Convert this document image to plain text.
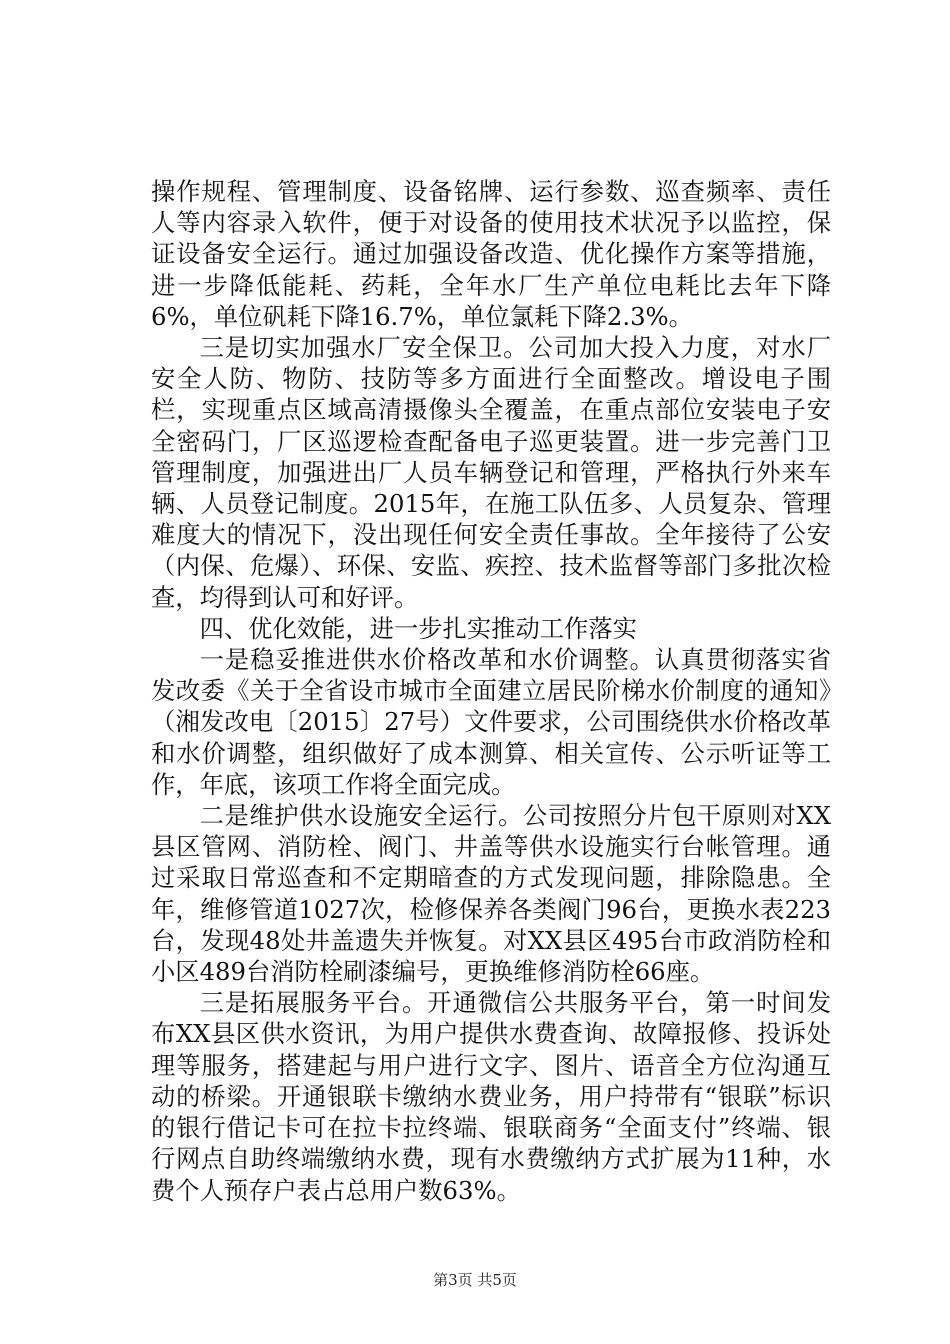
操作规程、管理制度、设备铭牌、运行参数、巡查频率、责任人等内容录入软件，便于对设备的使用技术状况予以监控，保证设备安全运行。通过加强设备改造、优化操作方案等措施，进一步降低能耗、药耗，全年水厂生产单位电耗比去年下降6%，单位矾耗下降16.7%，单位氯耗下降2.3%。

三是切实加强水厂安全保卫。公司加大投入力度，对水厂安全人防、物防、技防等多方面进行全面整改。增设电子围栏，实现重点区域高清摄像头全覆盖，在重点部位安装电子安全密码门，厂区巡逻检查配备电子巡更装置。进一步完善门卫管理制度，加强进出厂人员车辆登记和管理，严格执行外来车辆、人员登记制度。2015年，在施工队伍多、人员复杂、管理难度大的情况下，没出现任何安全责任事故。全年接待了公安（内保、危爆）、环保、安监、疾控、技术监督等部门多批次检查，均得到认可和好评。

四、优化效能，进一步扎实推动工作落实

一是稳妥推进供水价格改革和水价调整。认真贯彻落实省发改委《关于全省设市城市全面建立居民阶梯水价制度的通知》（湘发改电〔2015〕27号）文件要求，公司围绕供水价格改革和水价调整，组织做好了成本测算、相关宣传、公示听证等工作，年底，该项工作将全面完成。

二是维护供水设施安全运行。公司按照分片包干原则对XX县区管网、消防栓、阀门、井盖等供水设施实行台帐管理。通过采取日常巡查和不定期暗查的方式发现问题，排除隐患。全年，维修管道1027次，检修保养各类阀门96台，更换水表223台，发现48处井盖遗失并恢复。对XX县区495台市政消防栓和小区489台消防栓刷漆编号，更换维修消防栓66座。

三是拓展服务平台。开通微信公共服务平台，第一时间发布XX县区供水资讯，为用户提供水费查询、故障报修、投诉处理等服务，搭建起与用户进行文字、图片、语音全方位沟通互动的桥梁。开通银联卡缴纳水费业务，用户持带有“银联”标识的银行借记卡可在拉卡拉终端、银联商务“全面支付”终端、银行网点自助终端缴纳水费，现有水费缴纳方式扩展为11种，水费个人预存户表占总用户数63%。

第3页 共5页
